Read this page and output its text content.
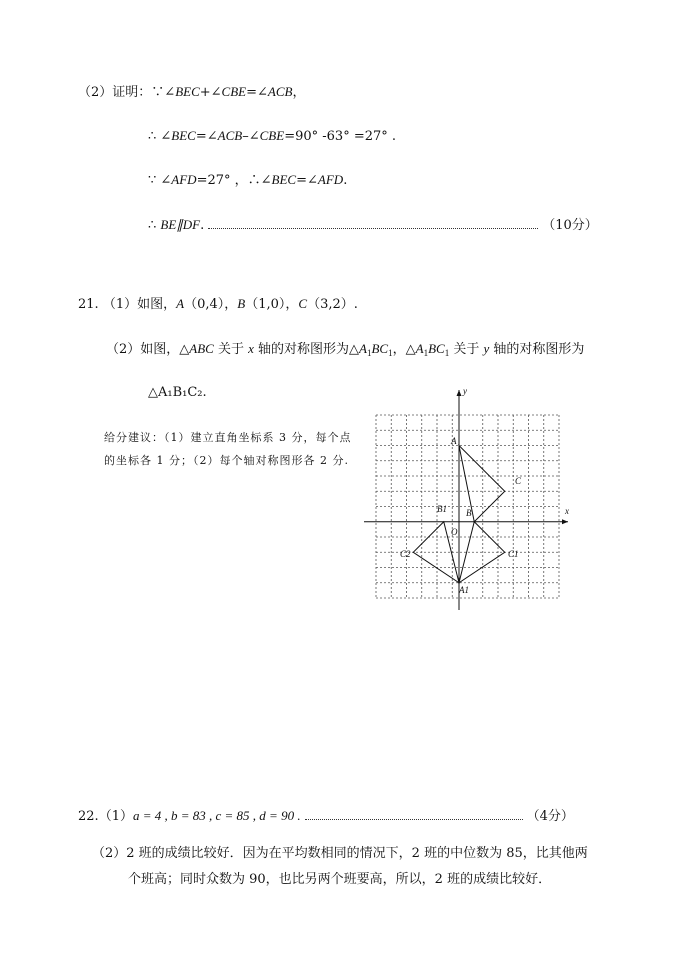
（2）证明：∵∠BEC+∠CBE=∠ACB，
∴ ∠BEC=∠ACB–∠CBE=90° -63° =27° .
∵ ∠AFD=27° ，∴∠BEC=∠AFD.
∴ BE∥DF.	（10分）
21. （1）如图，A（0,4），B（1,0），C（3,2）.
（2）如图，△ABC 关于 x 轴的对称图形为$\triangle A_1BC_1$，$\triangle A_1BC_1$ 关于 y 轴的对称图形为
△A₁B₁C₂.
给分建议：（1）建立直角坐标系 3 分，每个点的坐标各 1 分；（2）每个轴对称图形各 2 分.
y
x
O
A
B
C
B1
A1
C1
C2
22.（1）a = 4 , b = 83 , c = 85 , d = 90 .	（4分）
（2）2 班的成绩比较好．因为在平均数相同的情况下，2 班的中位数为 85，比其他两
个班高；同时众数为 90，也比另两个班要高，所以，2 班的成绩比较好．
